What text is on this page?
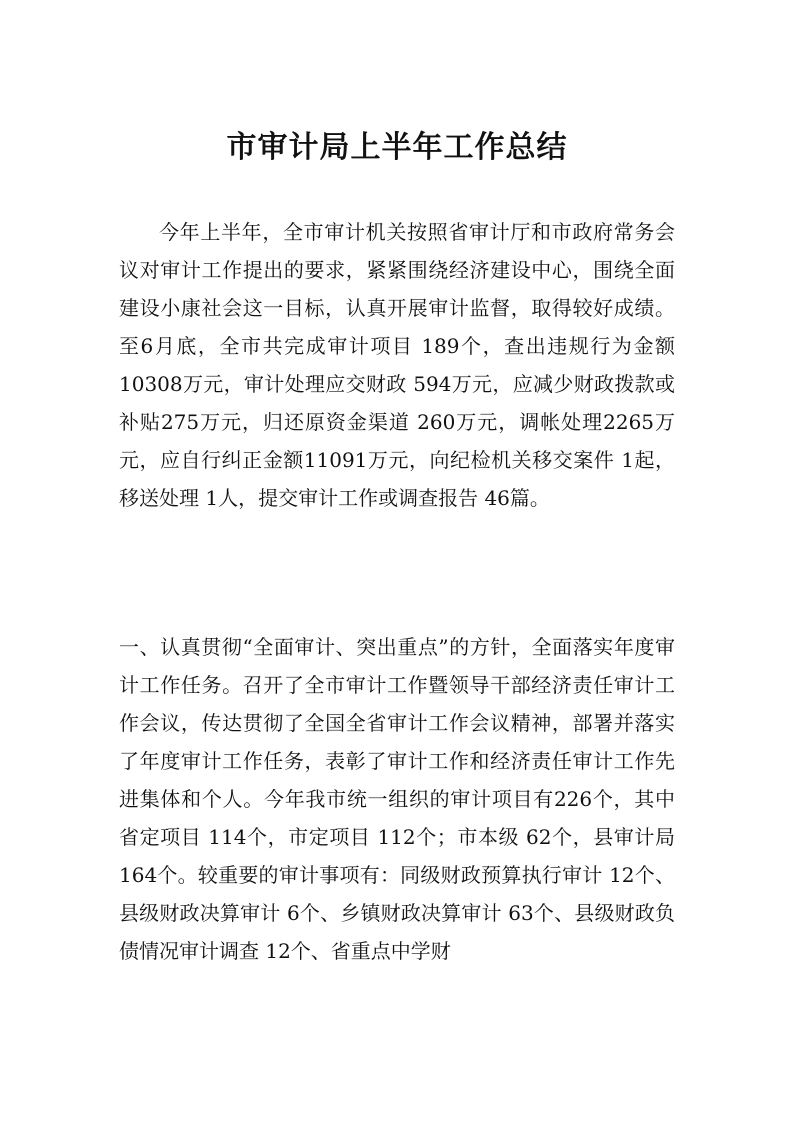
市审计局上半年工作总结

今年上半年，全市审计机关按照省审计厅和市政府常务会议对审计工作提出的要求，紧紧围绕经济建设中心，围绕全面建设小康社会这一目标，认真开展审计监督，取得较好成绩。至6月底，全市共完成审计项目 189个，查出违规行为金额10308万元，审计处理应交财政 594万元，应减少财政拨款或补贴275万元，归还原资金渠道 260万元，调帐处理2265万元，应自行纠正金额11091万元，向纪检机关移交案件 1起，移送处理 1人，提交审计工作或调查报告 46篇。

一、认真贯彻“全面审计、突出重点”的方针，全面落实年度审计工作任务。召开了全市审计工作暨领导干部经济责任审计工作会议，传达贯彻了全国全省审计工作会议精神，部署并落实了年度审计工作任务，表彰了审计工作和经济责任审计工作先进集体和个人。今年我市统一组织的审计项目有226个，其中省定项目 114个，市定项目 112个；市本级 62个，县审计局 164个。较重要的审计事项有：同级财政预算执行审计 12个、县级财政决算审计 6个、乡镇财政决算审计 63个、县级财政负债情况审计调查 12个、省重点中学财
